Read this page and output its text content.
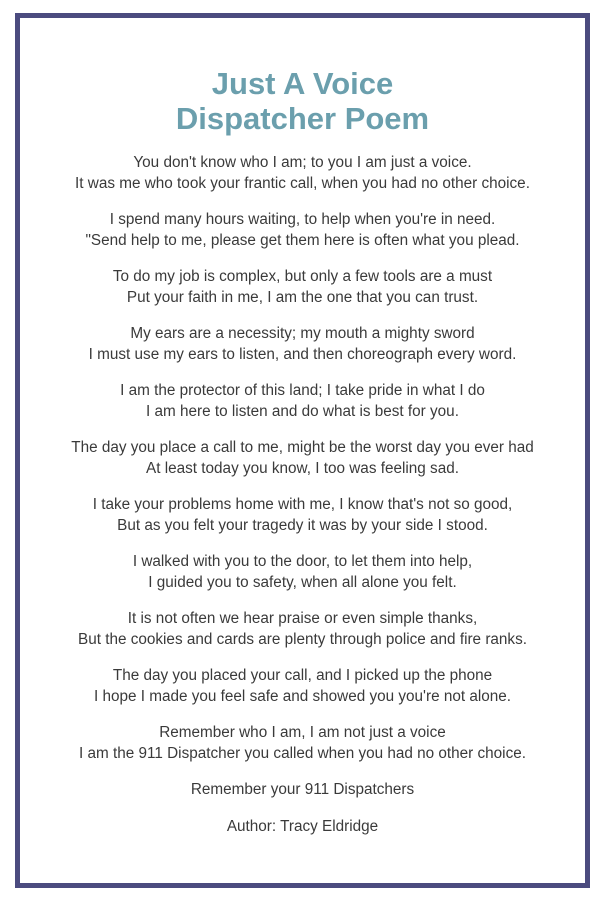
Just A Voice
Dispatcher Poem

You don't know who I am; to you I am just a voice.
It was me who took your frantic call, when you had no other choice.

I spend many hours waiting, to help when you're in need.
"Send help to me, please get them here is often what you plead.

To do my job is complex, but only a few tools are a must
Put your faith in me, I am the one that you can trust.

My ears are a necessity; my mouth a mighty sword
I must use my ears to listen, and then choreograph every word.

I am the protector of this land; I take pride in what I do
I am here to listen and do what is best for you.

The day you place a call to me, might be the worst day you ever had
At least today you know, I too was feeling sad.

I take your problems home with me, I know that's not so good,
But as you felt your tragedy it was by your side I stood.

I walked with you to the door, to let them into help,
I guided you to safety, when all alone you felt.

It is not often we hear praise or even simple thanks,
But the cookies and cards are plenty through police and fire ranks.

The day you placed your call, and I picked up the phone
I hope I made you feel safe and showed you you're not alone.

Remember who I am, I am not just a voice
I am the 911 Dispatcher you called when you had no other choice.

Remember your 911 Dispatchers

Author: Tracy Eldridge
